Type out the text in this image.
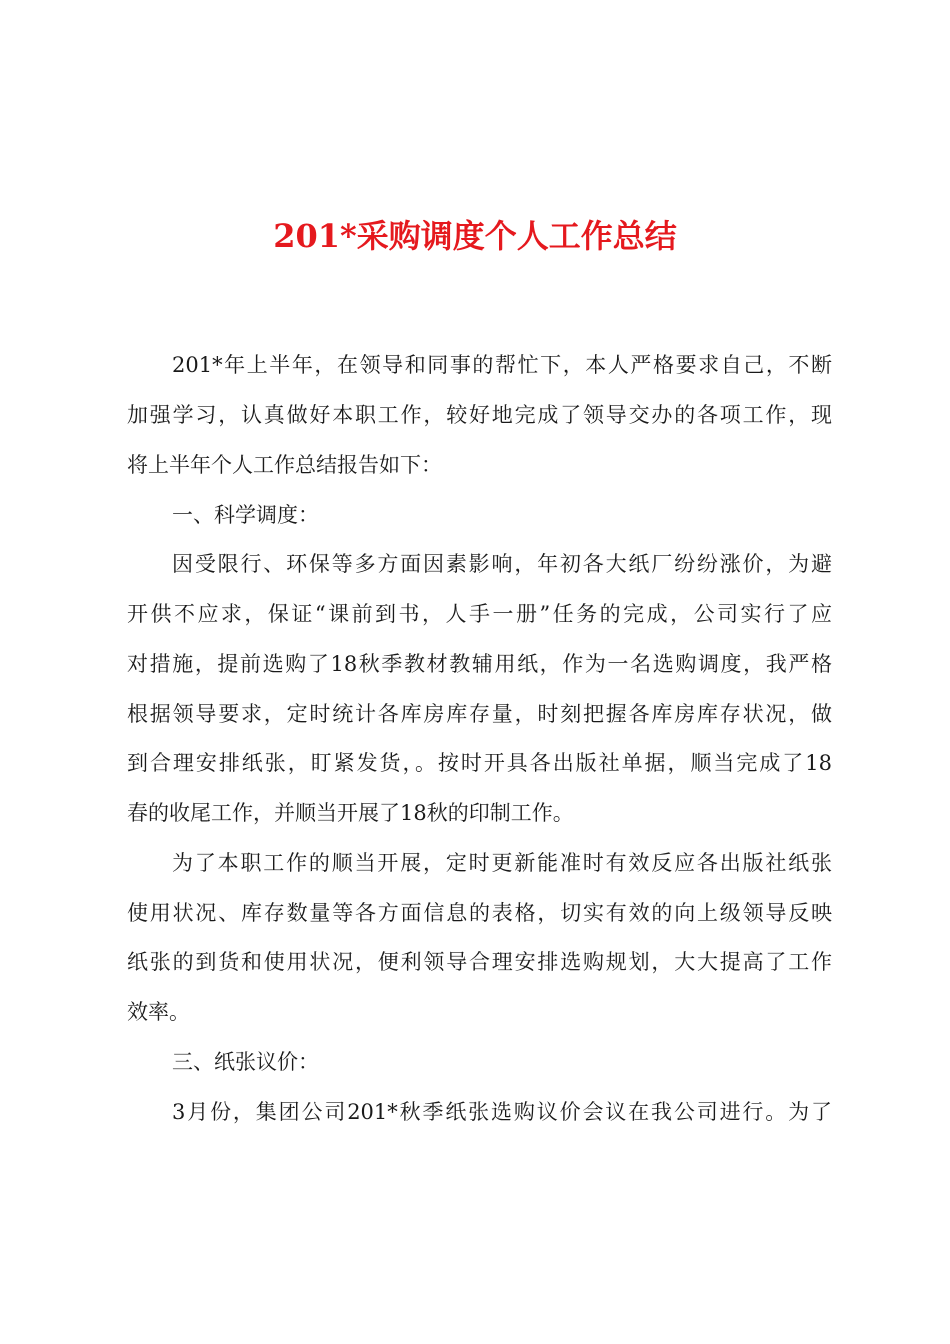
201*采购调度个人工作总结

201*年上半年，在领导和同事的帮忙下，本人严格要求自己，不断

加强学习，认真做好本职工作，较好地完成了领导交办的各项工作，现

将上半年个人工作总结报告如下：

一、科学调度：

因受限行、环保等多方面因素影响，年初各大纸厂纷纷涨价，为避

开供不应求，保证“课前到书，人手一册”任务的完成，公司实行了应

对措施，提前选购了18秋季教材教辅用纸，作为一名选购调度，我严格

根据领导要求，定时统计各库房库存量，时刻把握各库房库存状况，做

到合理安排纸张，盯紧发货，。按时开具各出版社单据，顺当完成了18

春的收尾工作，并顺当开展了18秋的印制工作。

为了本职工作的顺当开展，定时更新能准时有效反应各出版社纸张

使用状况、库存数量等各方面信息的表格，切实有效的向上级领导反映

纸张的到货和使用状况，便利领导合理安排选购规划，大大提高了工作

效率。

三、纸张议价：

3月份，集团公司201*秋季纸张选购议价会议在我公司进行。为了
